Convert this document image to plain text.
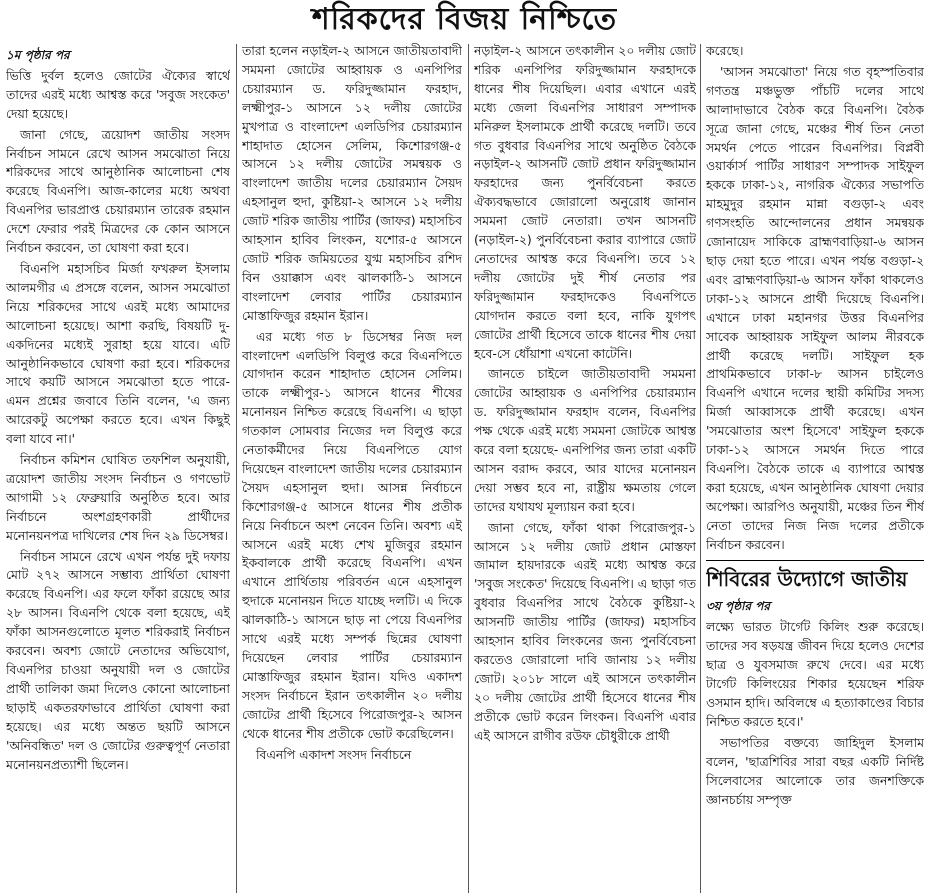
শরিকদের বিজয় নিশ্চিতে
১ম পৃষ্ঠার পর

ভিত্তি দুর্বল হলেও জোটের ঐক্যের স্বার্থে তাদের এরই মধ্যে আশ্বস্ত করে 'সবুজ সংকেত' দেয়া হয়েছে।

জানা গেছে, ত্রয়োদশ জাতীয় সংসদ নির্বাচন সামনে রেখে আসন সমঝোতা নিয়ে শরিকদের সাথে আনুষ্ঠানিক আলোচনা শেষ করেছে বিএনপি। আজ-কালের মধ্যে অথবা বিএনপির ভারপ্রাপ্ত চেয়ারম্যান তারেক রহমান দেশে ফেরার পরই মিত্রদের কে কোন আসনে নির্বাচন করবেন, তা ঘোষণা করা হবে।

বিএনপি মহাসচিব মির্জা ফখরুল ইসলাম আলমগীর এ প্রসঙ্গে বলেন, আসন সমঝোতা নিয়ে শরিকদের সাথে এরই মধ্যে আমাদের আলোচনা হয়েছে। আশা করছি, বিষয়টি দু-একদিনের মধ্যেই সুরাহা হয়ে যাবে। এটি আনুষ্ঠানিকভাবে ঘোষণা করা হবে। শরিকদের সাথে কয়টি আসনে সমঝোতা হতে পারে- এমন প্রশ্নের জবাবে তিনি বলেন, 'এ জন্য আরেকটু অপেক্ষা করতে হবে। এখন কিছুই বলা যাবে না।'

নির্বাচন কমিশন ঘোষিত তফশিল অনুযায়ী, ত্রয়োদশ জাতীয় সংসদ নির্বাচন ও গণভোট আগামী ১২ ফেব্রুয়ারি অনুষ্ঠিত হবে। আর নির্বাচনে অংশগ্রহণকারী প্রার্থীদের মনোনয়নপত্র দাখিলের শেষ দিন ২৯ ডিসেম্বর।

নির্বাচন সামনে রেখে এখন পর্যন্ত দুই দফায় মোট ২৭২ আসনে সম্ভাব্য প্রার্থিতা ঘোষণা করেছে বিএনপি। এর ফলে ফাঁকা রয়েছে আর ২৮ আসন। বিএনপি থেকে বলা হয়েছে, এই ফাঁকা আসনগুলোতে মূলত শরিকরাই নির্বাচন করবেন। অবশ্য জোটে নেতাদের অভিযোগ, বিএনপির চাওয়া অনুযায়ী দল ও জোটের প্রার্থী তালিকা জমা দিলেও কোনো আলোচনা ছাড়াই একতরফাভাবে প্রার্থিতা ঘোষণা করা হয়েছে। এর মধ্যে অন্তত ছয়টি আসনে 'অনিবন্ধিত' দল ও জোটের গুরুত্বপূর্ণ নেতারা মনোনয়নপ্রত্যাশী ছিলেন।

তারা হলেন নড়াইল-২ আসনে জাতীয়তাবাদী সমমনা জোটের আহ্বায়ক ও এনপিপির চেয়ারম্যান ড. ফরিদুজ্জামান ফরহাদ, লক্ষ্মীপুর-১ আসনে ১২ দলীয় জোটের মুখপাত্র ও বাংলাদেশ এলডিপির চেয়ারম্যান শাহাদাত হোসেন সেলিম, কিশোরগঞ্জ-৫ আসনে ১২ দলীয় জোটের সমন্বয়ক ও বাংলাদেশ জাতীয় দলের চেয়ারম্যান সৈয়দ এহসানুল হুদা, কুষ্টিয়া-২ আসনে ১২ দলীয় জোট শরিক জাতীয় পার্টির (জাফর) মহাসচিব আহসান হাবিব লিংকন, যশোর-৫ আসনে জোট শরিক জমিয়তের যুগ্ম মহাসচিব রশিদ বিন ওয়াক্কাস এবং ঝালকাঠি-১ আসনে বাংলাদেশ লেবার পার্টির চেয়ারম্যান মোস্তাফিজুর রহমান ইরান।

এর মধ্যে গত ৮ ডিসেম্বর নিজ দল বাংলাদেশ এলডিপি বিলুপ্ত করে বিএনপিতে যোগদান করেন শাহাদাত হোসেন সেলিম। তাকে লক্ষ্মীপুর-১ আসনে ধানের শীষের মনোনয়ন নিশ্চিত করেছে বিএনপি। এ ছাড়া গতকাল সোমবার নিজের দল বিলুপ্ত করে নেতাকর্মীদের নিয়ে বিএনপিতে যোগ দিয়েছেন বাংলাদেশ জাতীয় দলের চেয়ারম্যান সৈয়দ এহসানুল হুদা। আসন্ন নির্বাচনে কিশোরগঞ্জ-৫ আসনে ধানের শীষ প্রতীক নিয়ে নির্বাচনে অংশ নেবেন তিনি। অবশ্য এই আসনে এরই মধ্যে শেখ মুজিবুর রহমান ইকবালকে প্রার্থী করেছে বিএনপি। এখন এখানে প্রার্থিতায় পরিবর্তন এনে এহসানুল হুদাকে মনোনয়ন দিতে যাচ্ছে দলটি। এ দিকে ঝালকাঠি-১ আসনে ছাড় না পেয়ে বিএনপির সাথে এরই মধ্যে সম্পর্ক ছিন্নের ঘোষণা দিয়েছেন লেবার পার্টির চেয়ারম্যান মোস্তাফিজুর রহমান ইরান। যদিও একাদশ সংসদ নির্বাচনে ইরান তৎকালীন ২০ দলীয় জোটের প্রার্থী হিসেবে পিরোজপুর-২ আসন থেকে ধানের শীষ প্রতীকে ভোট করেছিলেন।

বিএনপি একাদশ সংসদ নির্বাচনে

নড়াইল-২ আসনে তৎকালীন ২০ দলীয় জোট শরিক এনপিপির ফরিদুজ্জামান ফরহাদকে ধানের শীষ দিয়েছিল। এবার এখানে এরই মধ্যে জেলা বিএনপির সাধারণ সম্পাদক মনিরুল ইসলামকে প্রার্থী করেছে দলটি। তবে গত বুধবার বিএনপির সাথে অনুষ্ঠিত বৈঠকে নড়াইল-২ আসনটি জোট প্রধান ফরিদুজ্জামান ফরহাদের জন্য পুনর্বিবেচনা করতে ঐক্যবদ্ধভাবে জোরালো অনুরোধ জানান সমমনা জোট নেতারা। তখন আসনটি (নড়াইল-২) পুনর্বিবেচনা করার ব্যাপারে জোট নেতাদের আশ্বস্ত করে বিএনপি। তবে ১২ দলীয় জোটের দুই শীর্ষ নেতার পর ফরিদুজ্জামান ফরহাদকেও বিএনপিতে যোগদান করতে বলা হবে, নাকি যুগপৎ জোটের প্রার্থী হিসেবে তাকে ধানের শীষ দেয়া হবে-সে ধোঁয়াশা এখনো কাটেনি।

জানতে চাইলে জাতীয়তাবাদী সমমনা জোটের আহ্বায়ক ও এনপিপির চেয়ারম্যান ড. ফরিদুজ্জামান ফরহাদ বলেন, বিএনপির পক্ষ থেকে এরই মধ্যে সমমনা জোটকে আশ্বস্ত করে বলা হয়েছে- এনপিপির জন্য তারা একটি আসন বরাদ্দ করবে, আর যাদের মনোনয়ন দেয়া সম্ভব হবে না, রাষ্ট্রীয় ক্ষমতায় গেলে তাদের যথাযথ মূল্যায়ন করা হবে।

জানা গেছে, ফাঁকা থাকা পিরোজপুর-১ আসনে ১২ দলীয় জোট প্রধান মোস্তফা জামাল হায়দারকে এরই মধ্যে আশ্বস্ত করে 'সবুজ সংকেত' দিয়েছে বিএনপি। এ ছাড়া গত বুধবার বিএনপির সাথে বৈঠকে কুষ্টিয়া-২ আসনটি জাতীয় পার্টির (জাফর) মহাসচিব আহসান হাবিব লিংকনের জন্য পুনর্বিবেচনা করতেও জোরালো দাবি জানায় ১২ দলীয় জোট। ২০১৮ সালে এই আসনে তৎকালীন ২০ দলীয় জোটের প্রার্থী হিসেবে ধানের শীষ প্রতীকে ভোট করেন লিংকন। বিএনপি এবার এই আসনে রাগীব রউফ চৌধুরীকে প্রার্থী

করেছে।

'আসন সমঝোতা' নিয়ে গত বৃহস্পতিবার গণতন্ত্র মঞ্চভুক্ত পাঁচটি দলের সাথে আলাদাভাবে বৈঠক করে বিএনপি। বৈঠক সূত্রে জানা গেছে, মঞ্চের শীর্ষ তিন নেতা সমর্থন পেতে পারেন বিএনপির। বিপ্লবী ওয়ার্কার্স পার্টির সাধারণ সম্পাদক সাইফুল হককে ঢাকা-১২, নাগরিক ঐক্যের সভাপতি মাহমুদুর রহমান মান্না বগুড়া-২ এবং গণসংহতি আন্দোলনের প্রধান সমন্বয়ক জোনায়েদ সাকিকে ব্রাহ্মণবাড়িয়া-৬ আসন ছাড় দেয়া হতে পারে। এখন পর্যন্ত বগুড়া-২ এবং ব্রাহ্মণবাড়িয়া-৬ আসন ফাঁকা থাকলেও ঢাকা-১২ আসনে প্রার্থী দিয়েছে বিএনপি। এখানে ঢাকা মহানগর উত্তর বিএনপির সাবেক আহ্বায়ক সাইফুল আলম নীরবকে প্রার্থী করেছে দলটি। সাইফুল হক প্রাথমিকভাবে ঢাকা-৮ আসন চাইলেও বিএনপি এখানে দলের স্থায়ী কমিটির সদস্য মির্জা আব্বাসকে প্রার্থী করেছে। এখন 'সমঝোতার অংশ হিসেবে' সাইফুল হককে ঢাকা-১২ আসনে সমর্থন দিতে পারে বিএনপি। বৈঠকে তাকে এ ব্যাপারে আশ্বস্ত করা হয়েছে, এখন আনুষ্ঠানিক ঘোষণা দেয়ার অপেক্ষা। আরপিও অনুযায়ী, মঞ্চের তিন শীর্ষ নেতা তাদের নিজ নিজ দলের প্রতীকে নির্বাচন করবেন।

শিবিরের উদ্যোগে জাতীয়
৩য় পৃষ্ঠার পর

লক্ষ্যে ভারত টার্গেট কিলিং শুরু করেছে। তাদের সব ষড়যন্ত্র জীবন দিয়ে হলেও দেশের ছাত্র ও যুবসমাজ রুখে দেবে। এর মধ্যে টার্গেট কিলিংয়ের শিকার হয়েছেন শরিফ ওসমান হাদি। অবিলম্বে এ হত্যাকাণ্ডের বিচার নিশ্চিত করতে হবে।'

সভাপতির বক্তব্যে জাহিদুল ইসলাম বলেন, 'ছাত্রশিবির সারা বছর একটি নির্দিষ্ট সিলেবাসের আলোকে তার জনশক্তিকে জ্ঞানচর্চায় সম্পৃক্ত
